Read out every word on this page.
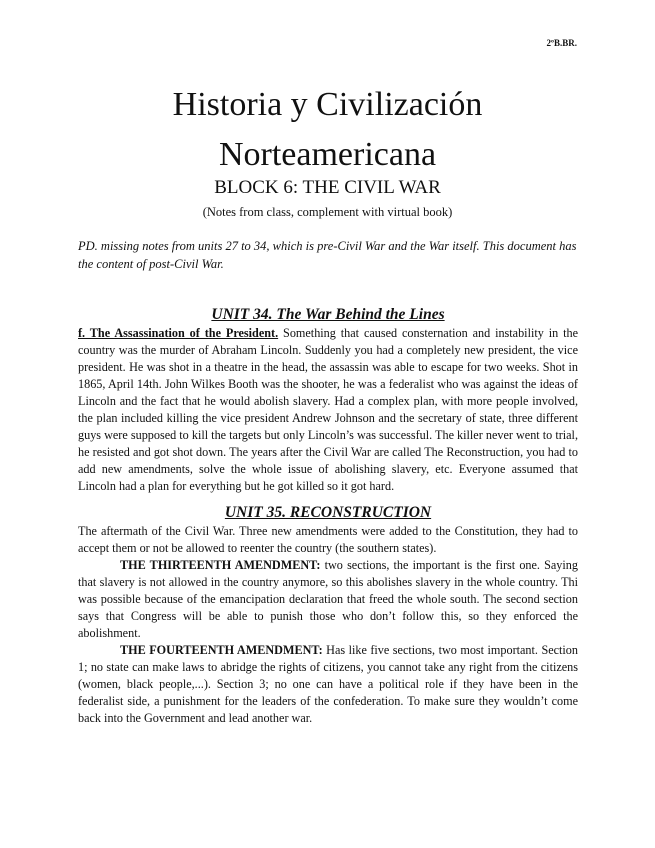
2ºB.BR.
Historia y Civilización
Norteamericana
BLOCK 6: THE CIVIL WAR
(Notes from class, complement with virtual book)
PD. missing notes from units 27 to 34, which is pre-Civil War and the War itself. This document has the content of post-Civil War.
UNIT 34. The War Behind the Lines

f. The Assassination of the President. Something that caused consternation and instability in the country was the murder of Abraham Lincoln. Suddenly you had a completely new president, the vice president. He was shot in a theatre in the head, the assassin was able to escape for two weeks. Shot in 1865, April 14th. John Wilkes Booth was the shooter, he was a federalist who was against the ideas of Lincoln and the fact that he would abolish slavery. Had a complex plan, with more people involved, the plan included killing the vice president Andrew Johnson and the secretary of state, three different guys were supposed to kill the targets but only Lincoln’s was successful. The killer never went to trial, he resisted and got shot down. The years after the Civil War are called The Reconstruction, you had to add new amendments, solve the whole issue of abolishing slavery, etc. Everyone assumed that Lincoln had a plan for everything but he got killed so it got hard.

UNIT 35. RECONSTRUCTION

The aftermath of the Civil War. Three new amendments were added to the Constitution, they had to accept them or not be allowed to reenter the country (the southern states).

THE THIRTEENTH AMENDMENT: two sections, the important is the first one. Saying that slavery is not allowed in the country anymore, so this abolishes slavery in the whole country. Thi was possible because of the emancipation declaration that freed the whole south. The second section says that Congress will be able to punish those who don’t follow this, so they enforced the abolishment.

THE FOURTEENTH AMENDMENT: Has like five sections, two most important. Section 1; no state can make laws to abridge the rights of citizens, you cannot take any right from the citizens (women, black people,...). Section 3; no one can have a political role if they have been in the federalist side, a punishment for the leaders of the confederation. To make sure they wouldn’t come back into the Government and lead another war.
